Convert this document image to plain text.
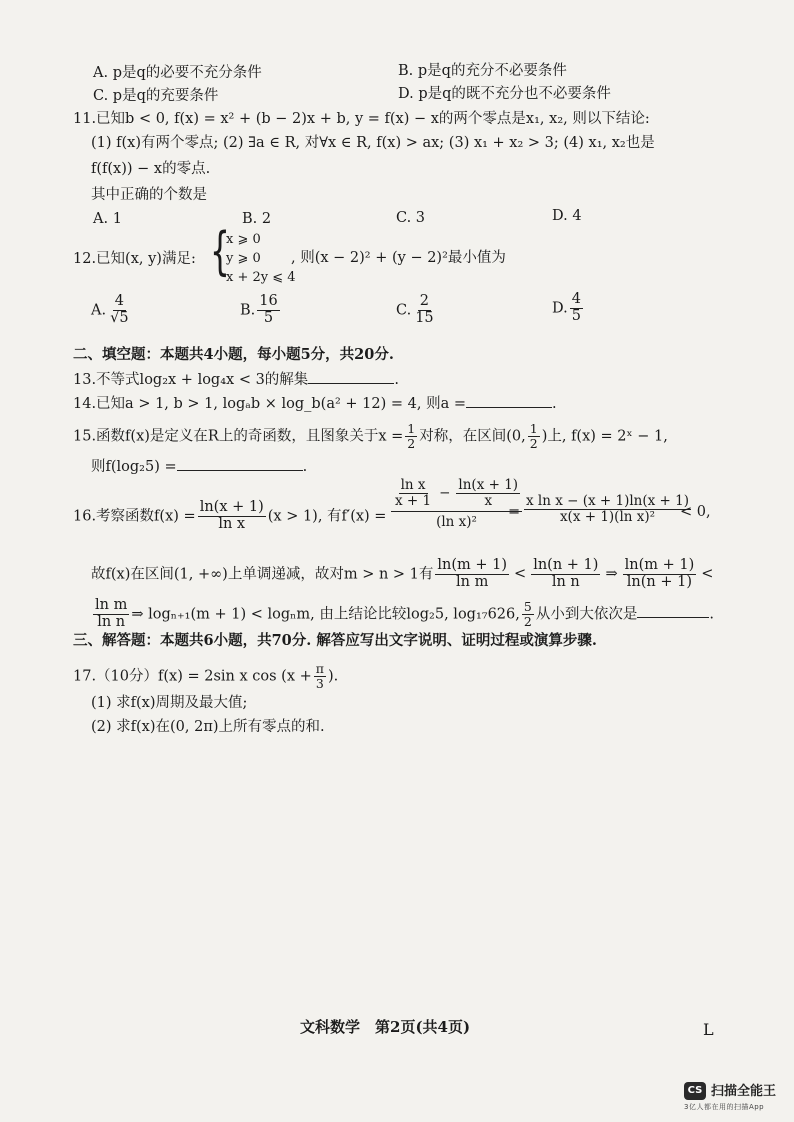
A. p是q的必要不充分条件	B. p是q的充分不必要条件
C. p是q的充要条件	D. p是q的既不充分也不必要条件
11.已知b < 0, f(x) = x² + (b − 2)x + b, y = f(x) − x的两个零点是x₁, x₂, 则以下结论:
(1) f(x)有两个零点; (2) ∃a ∈ R, 对∀x ∈ R, f(x) > ax; (3) x₁ + x₂ > 3; (4) x₁, x₂也是
f(f(x)) − x的零点.
其中正确的个数是
A. 1	B. 2	C. 3	D. 4
12.已知(x, y)满足: {
x ⩾ 0
y ⩾ 0
x + 2y ⩽ 4
, 则(x − 2)² + (y − 2)²最小值为
A. $\frac{4}{√5}$	B. $\frac{16}{5}$	C. $\frac{2}{15}$	D. $\frac{4}{5}$
二、填空题：本题共4小题，每小题5分，共20分.
13.不等式log₂x + log₄x < 3的解集	.
14.已知a > 1, b > 1, logₐb × log_b(a² + 12) = 4, 则a =	.
15.函数f(x)是定义在R上的奇函数，且图象关于$x = \frac{1}{2}$ 对称，在区间(0, $\frac{1}{2}$ )上, f(x) = 2ˣ − 1,
则f(log₂5) =	.
16.考察函数$f(x) = \frac{\ln(x + 1)}{\text{ln x}} (x > 1)$, 有f′(x) =
$\frac{\text{ln x}}{x + 1} - \frac{\ln(x + 1)}{x}$
(ln x)²
= $\frac{\text{x ln x − (x + 1)ln(x + 1)}}{\text{x(x + 1)(ln x)²}}$
< 0,
故f(x)在区间(1, +∞)上单调递减，故对m > n > 1有 $\frac{\ln(m + 1)}{\text{ln m}} < \frac{\ln(n + 1)}{\text{ln n}}$ ⇒ $\frac{\ln(m + 1)}{\ln(n + 1)}$ <
$\frac{\text{ln m}}{\text{ln n}}$ ⇒ logₙ₊₁(m + 1) < logₙm, 由上结论比较log₂5, log₁₇626, $\frac{5}{2}$ 从小到大依次是	.
三、解答题：本题共6小题，共70分. 解答应写出文字说明、证明过程或演算步骤.
17.（10分）f(x) = 2sin x $\cos (x + \frac{\pi}{3}$ ).
(1) 求f(x)周期及最大值;
(2) 求f(x)在(0, 2π)上所有零点的和.
文科数学　第2页(共4页)	L
CS 扫描全能王
3亿人都在用的扫描App
